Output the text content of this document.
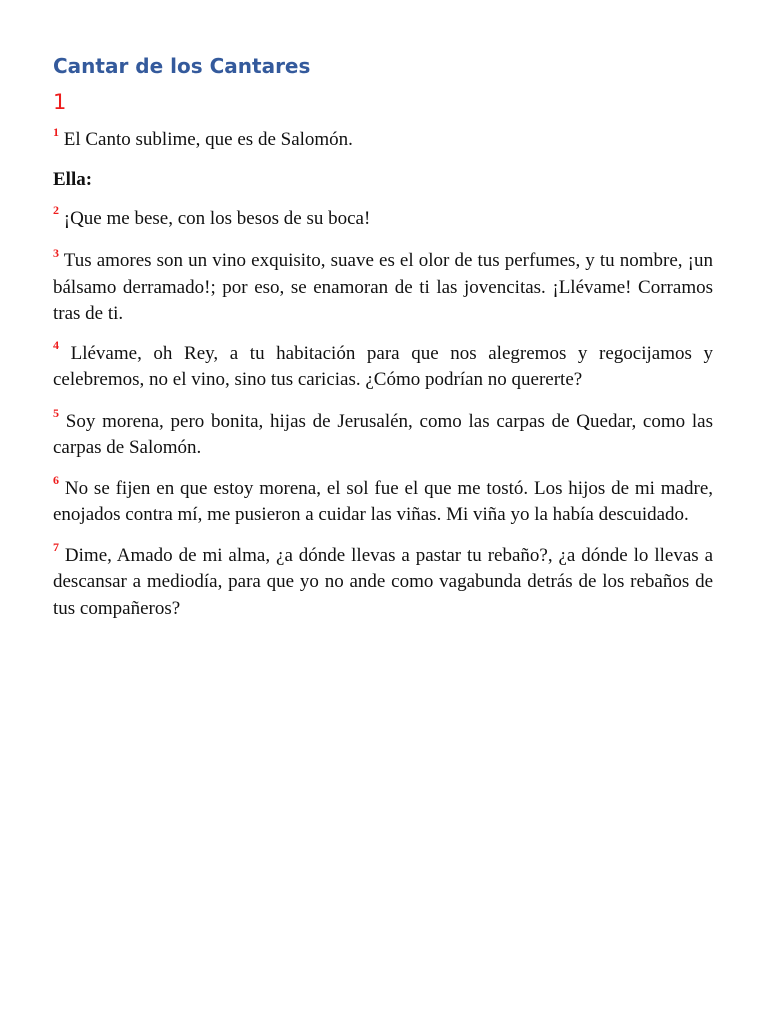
Cantar de los Cantares
1

$^1$ El Canto sublime, que es de Salomón.

Ella:

$^2$ ¡Que me bese, con los besos de su boca!

$^3$ Tus amores son un vino exquisito, suave es el olor de tus perfumes, y tu nombre, ¡un bálsamo derramado!; por eso, se enamoran de ti las jovencitas. ¡Llévame! Corramos tras de ti.

$^4$ Llévame, oh Rey, a tu habitación para que nos alegremos y regocijamos y celebremos, no el vino, sino tus caricias. ¿Cómo podrían no quererte?

$^5$ Soy morena, pero bonita, hijas de Jerusalén, como las carpas de Quedar, como las carpas de Salomón.

$^6$ No se fijen en que estoy morena, el sol fue el que me tostó. Los hijos de mi madre, enojados contra mí, me pusieron a cuidar las viñas. Mi viña yo la había descuidado.

$^7$ Dime, Amado de mi alma, ¿a dónde llevas a pastar tu rebaño?, ¿a dónde lo llevas a descansar a mediodía, para que yo no ande como vagabunda detrás de los rebaños de tus compañeros?
